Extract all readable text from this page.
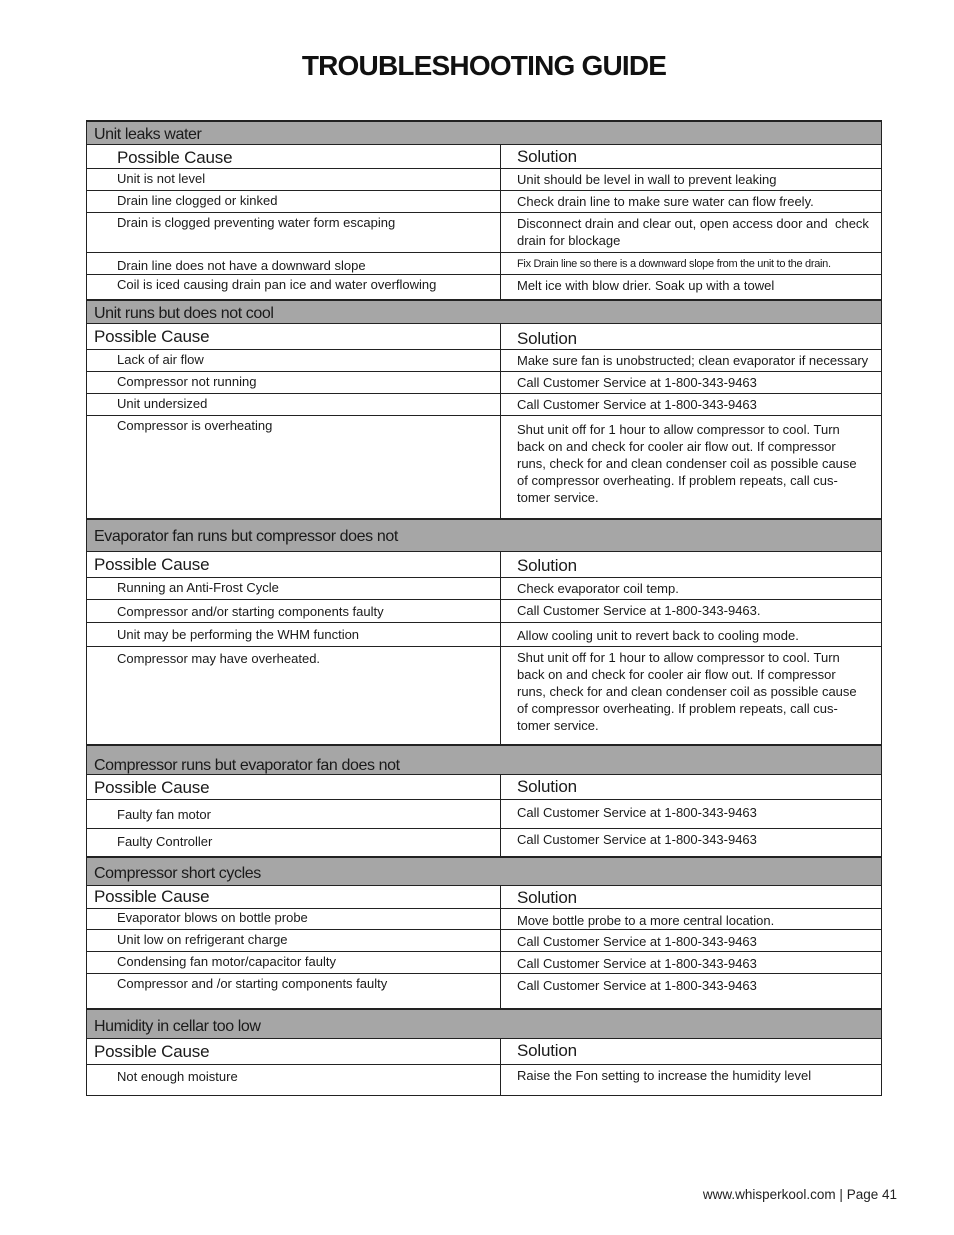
TROUBLESHOOTING GUIDE
Unit leaks water
Possible Cause	Solution
Unit is not level	Unit should be level in wall to prevent leaking
Drain line clogged or kinked	Check drain line to make sure water can flow freely.
Drain is clogged preventing water form escaping	Disconnect drain and clear out, open access door and  check drain for blockage
Drain line does not have a downward slope	Fix Drain line so there is a downward slope from the unit to the drain.
Coil is iced causing drain pan ice and water overflowing	Melt ice with blow drier. Soak up with a towel
Unit runs but does not cool
Possible Cause	Solution
Lack of air flow	Make sure fan is unobstructed; clean evaporator if necessary
Compressor not running	Call Customer Service at 1-800-343-9463
Unit undersized	Call Customer Service at 1-800-343-9463
Compressor is overheating	Shut unit off for 1 hour to allow compressor to cool. Turn back on and check for cooler air flow out. If compressor runs, check for and clean condenser coil as possible cause of compressor overheating. If problem repeats, call cus-tomer service.
Evaporator fan runs but compressor does not
Possible Cause	Solution
Running an Anti-Frost Cycle	Check evaporator coil temp.
Compressor and/or starting components faulty	Call Customer Service at 1-800-343-9463.
Unit may be performing the WHM function	Allow cooling unit to revert back to cooling mode.
Compressor may have overheated.	Shut unit off for 1 hour to allow compressor to cool. Turn back on and check for cooler air flow out. If compressor runs, check for and clean condenser coil as possible cause of compressor overheating. If problem repeats, call cus-tomer service.
Compressor runs but evaporator fan does not
Possible Cause	Solution
Faulty fan motor	Call Customer Service at 1-800-343-9463
Faulty Controller	Call Customer Service at 1-800-343-9463
Compressor short cycles
Possible Cause	Solution
Evaporator blows on bottle probe	Move bottle probe to a more central location.
Unit low on refrigerant charge	Call Customer Service at 1-800-343-9463
Condensing fan motor/capacitor faulty	Call Customer Service at 1-800-343-9463
Compressor and /or starting components faulty	Call Customer Service at 1-800-343-9463
Humidity in cellar too low
Possible Cause	Solution
Not enough moisture	Raise the Fon setting to increase the humidity level
www.whisperkool.com | Page 41
